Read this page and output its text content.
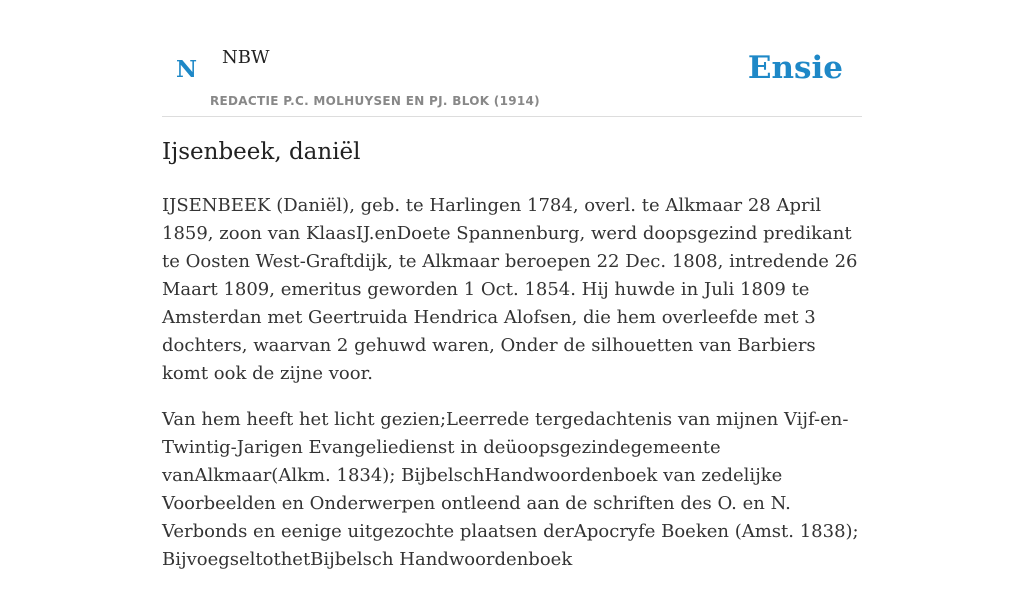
N NBW
REDACTIE P.C. MOLHUYSEN EN PJ. BLOK (1914)
Ensie
Ijsenbeek, daniël

IJSENBEEK (Daniël), geb. te Harlingen 1784, overl. te Alkmaar 28 April 1859, zoon van KlaasIJ.enDoete Spannenburg, werd doopsgezind predikant te Oosten West-Graftdijk, te Alkmaar beroepen 22 Dec. 1808, intredende 26 Maart 1809, emeritus geworden 1 Oct. 1854. Hij huwde in Juli 1809 te Amsterdan met Geertruida Hendrica Alofsen, die hem overleefde met 3 dochters, waarvan 2 gehuwd waren, Onder de silhouetten van Barbiers komt ook de zijne voor.

Van hem heeft het licht gezien;Leerrede tergedachtenis van mijnen Vijf-en-Twintig-Jarigen Evangeliedienst in deüoopsgezindegemeente vanAlkmaar(Alkm. 1834); BijbelschHandwoordenboek van zedelijke Voorbeelden en Onderwerpen ontleend aan de schriften des O. en N. Verbonds en eenige uitgezochte plaatsen derApocryfe Boeken (Amst. 1838); BijvoegseltothetBijbelsch Handwoordenboek
